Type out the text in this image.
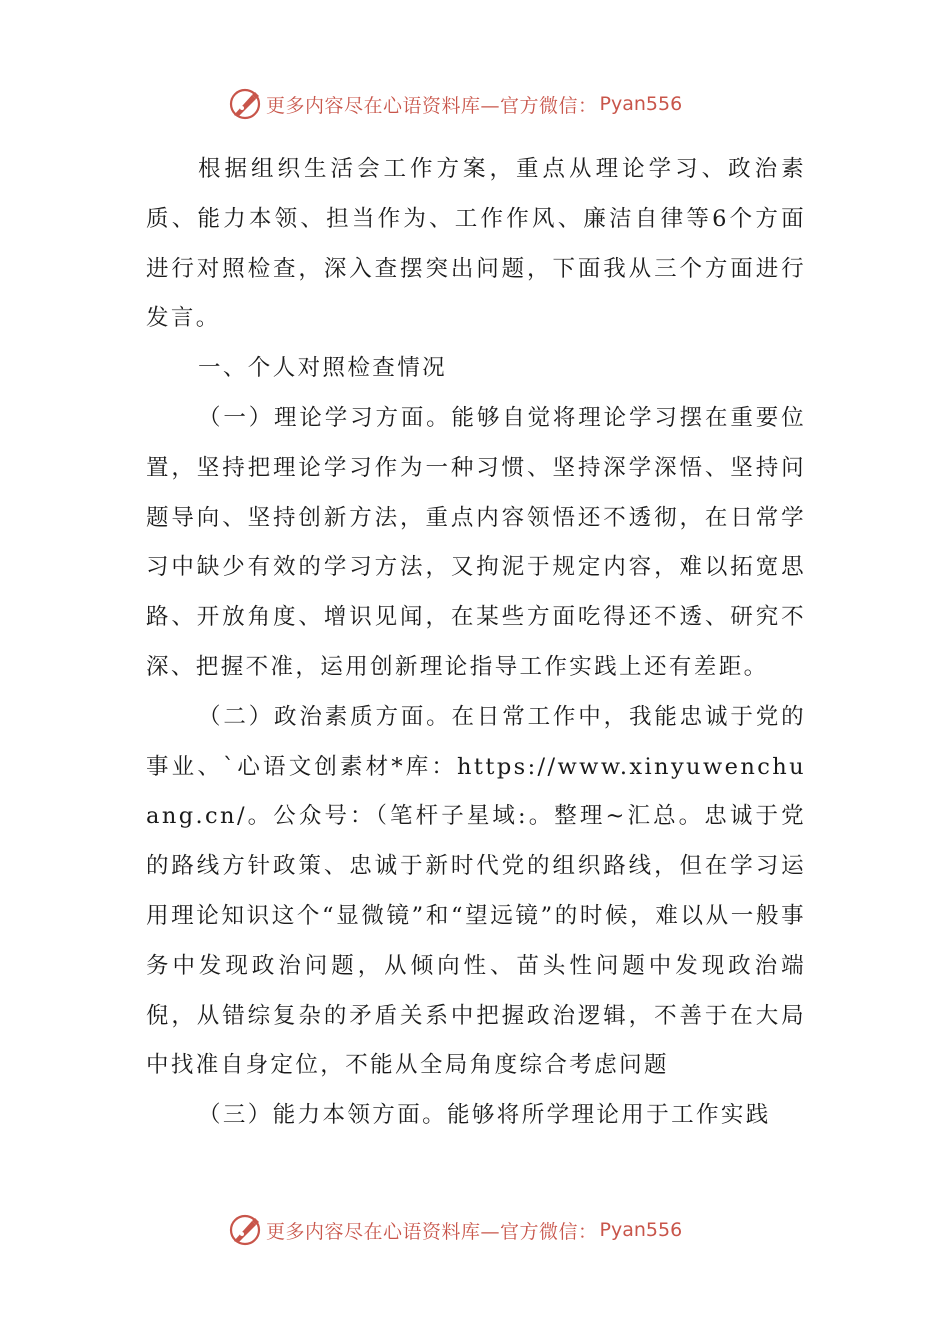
更多内容尽在心语资料库—官方微信： Pyan556

根据组织生活会工作方案，重点从理论学习、政治素质、能力本领、担当作为、工作作风、廉洁自律等6个方面进行对照检查，深入查摆突出问题，下面我从三个方面进行发言。

一、个人对照检查情况

（一）理论学习方面。能够自觉将理论学习摆在重要位置，坚持把理论学习作为一种习惯、坚持深学深悟、坚持问题导向、坚持创新方法，重点内容领悟还不透彻，在日常学习中缺少有效的学习方法，又拘泥于规定内容，难以拓宽思路、开放角度、增识见闻，在某些方面吃得还不透、研究不深、把握不准，运用创新理论指导工作实践上还有差距。

（二）政治素质方面。在日常工作中，我能忠诚于党的事业、`心语文创素材*库：https://www.xinyuwenchuang.cn/。公众号：（笔杆子星域:。整理~汇总。忠诚于党的路线方针政策、忠诚于新时代党的组织路线，但在学习运用理论知识这个“显微镜”和“望远镜”的时候，难以从一般事务中发现政治问题，从倾向性、苗头性问题中发现政治端倪，从错综复杂的矛盾关系中把握政治逻辑，不善于在大局中找准自身定位，不能从全局角度综合考虑问题

（三）能力本领方面。能够将所学理论用于工作实践

更多内容尽在心语资料库—官方微信： Pyan556
